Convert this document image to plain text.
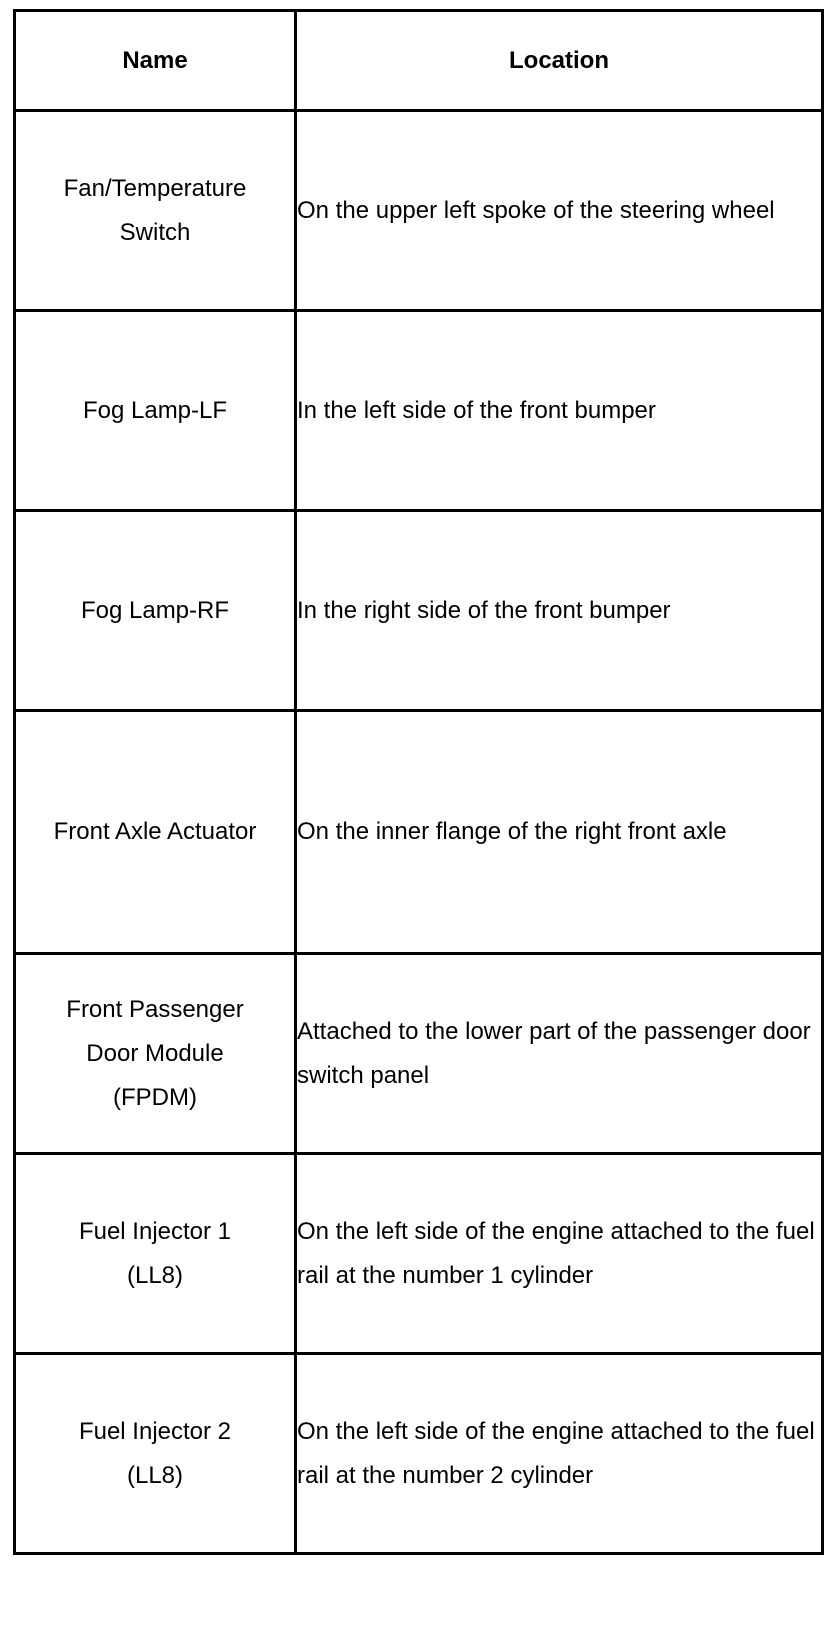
Name	Location
Fan/Temperature
Switch	On the upper left spoke of the steering wheel
Fog Lamp-LF	In the left side of the front bumper
Fog Lamp-RF	In the right side of the front bumper
Front Axle Actuator	On the inner flange of the right front axle
Front Passenger
Door Module
(FPDM)	Attached to the lower part of the passenger door switch panel
Fuel Injector 1
(LL8)	On the left side of the engine attached to the fuel rail at the number 1 cylinder
Fuel Injector 2
(LL8)	On the left side of the engine attached to the fuel rail at the number 2 cylinder
